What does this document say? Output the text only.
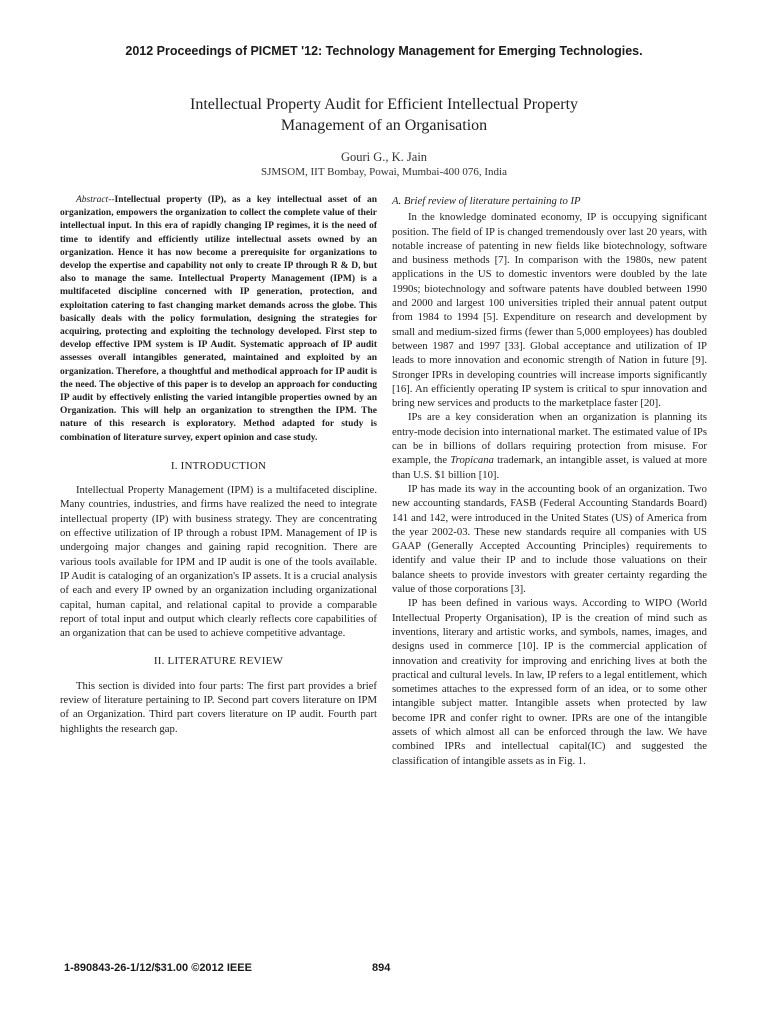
2012 Proceedings of PICMET '12: Technology Management for Emerging Technologies.
Intellectual Property Audit for Efficient Intellectual Property
Management of an Organisation
Gouri G., K. Jain
SJMSOM, IIT Bombay, Powai, Mumbai-400 076, India

Abstract--Intellectual property (IP), as a key intellectual asset of an organization, empowers the organization to collect the complete value of their intellectual input. In this era of rapidly changing IP regimes, it is the need of time to identify and efficiently utilize intellectual assets owned by an organization. Hence it has now become a prerequisite for organizations to develop the expertise and capability not only to create IP through R & D, but also to manage the same. Intellectual Property Management (IPM) is a multifaceted discipline concerned with IP generation, protection, and exploitation catering to fast changing market demands across the globe. This basically deals with the policy formulation, designing the strategies for acquiring, protecting and exploiting the technology developed. First step to develop effective IPM system is IP Audit. Systematic approach of IP audit assesses overall intangibles generated, maintained and exploited by an organization. Therefore, a thoughtful and methodical approach for IP audit is the need. The objective of this paper is to develop an approach for conducting IP audit by effectively enlisting the varied intangible properties owned by an Organization. This will help an organization to strengthen the IPM. The nature of this research is exploratory. Method adapted for study is combination of literature survey, expert opinion and case study.

I. INTRODUCTION

Intellectual Property Management (IPM) is a multifaceted discipline. Many countries, industries, and firms have realized the need to integrate intellectual property (IP) with business strategy. They are concentrating on effective utilization of IP through a robust IPM. Management of IP is undergoing major changes and gaining rapid recognition. There are various tools available for IPM and IP audit is one of the tools available. IP Audit is cataloging of an organization's IP assets. It is a crucial analysis of each and every IP owned by an organization including organizational capital, human capital, and relational capital to provide a comparable report of total input and output which clearly reflects core capabilities of an organization that can be used to achieve competitive advantage.

II. LITERATURE REVIEW

This section is divided into four parts: The first part provides a brief review of literature pertaining to IP. Second part covers literature on IPM of an Organization. Third part covers literature on IP audit. Fourth part highlights the research gap.

A. Brief review of literature pertaining to IP

In the knowledge dominated economy, IP is occupying significant position. The field of IP is changed tremendously over last 20 years, with notable increase of patenting in new fields like biotechnology, software and business methods [7]. In comparison with the 1980s, new patent applications in the US to domestic inventors were doubled by the late 1990s; biotechnology and software patents have doubled between 1990 and 2000 and largest 100 universities tripled their annual patent output from 1984 to 1994 [5]. Expenditure on research and development by small and medium-sized firms (fewer than 5,000 employees) has doubled between 1987 and 1997 [33]. Global acceptance and utilization of IP leads to more innovation and economic strength of Nation in future [9]. Stronger IPRs in developing countries will increase imports significantly [16]. An efficiently operating IP system is critical to spur innovation and bring new services and products to the marketplace faster [20].

IPs are a key consideration when an organization is planning its entry-mode decision into international market. The estimated value of IPs can be in billions of dollars requiring protection from misuse. For example, the Tropicana trademark, an intangible asset, is valued at more than U.S. $1 billion [10].

IP has made its way in the accounting book of an organization. Two new accounting standards, FASB (Federal Accounting Standards Board) 141 and 142, were introduced in the United States (US) of America from the year 2002-03. These new standards require all companies with US GAAP (Generally Accepted Accounting Principles) requirements to identify and value their IP and to include those valuations on their balance sheets to provide investors with greater certainty regarding the value of those corporations [3].

IP has been defined in various ways. According to WIPO (World Intellectual Property Organisation), IP is the creation of mind such as inventions, literary and artistic works, and symbols, names, images, and designs used in commerce [10]. IP is the commercial application of innovation and creativity for improving and enriching lives at both the practical and cultural levels. In law, IP refers to a legal entitlement, which sometimes attaches to the expressed form of an idea, or to some other intangible subject matter. Intangible assets when protected by law become IPR and confer right to owner. IPRs are one of the intangible assets of which almost all can be enforced through the law. We have combined IPRs and intellectual capital(IC) and suggested the classification of intangible assets as in Fig. 1.

1-890843-26-1/12/$31.00 ©2012 IEEE	894
